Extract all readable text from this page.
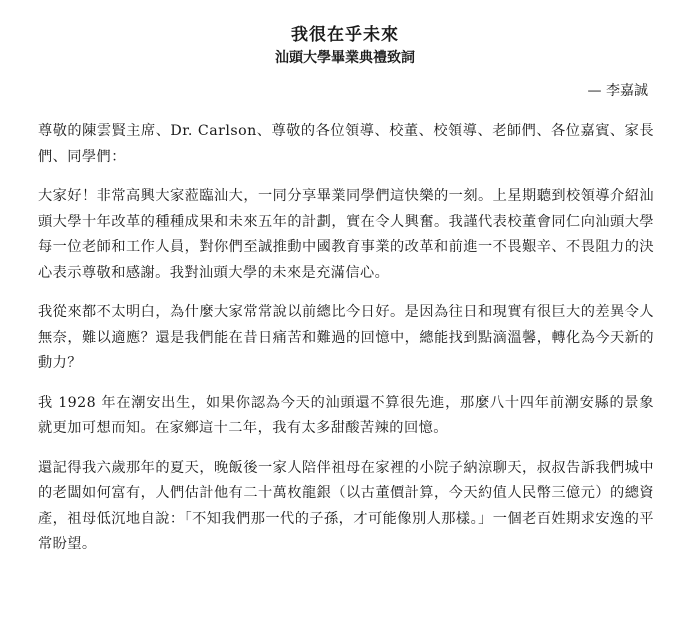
我很在乎未來
汕頭大學畢業典禮致詞
— 李嘉誠

尊敬的陳雲賢主席、Dr. Carlson、尊敬的各位領導、校董、校領導、老師們、各位嘉賓、家長們、同學們：

大家好！非常高興大家蒞臨汕大，一同分享畢業同學們這快樂的一刻。上星期聽到校領導介紹汕頭大學十年改革的種種成果和未來五年的計劃，實在令人興奮。我謹代表校董會同仁向汕頭大學每一位老師和工作人員，對你們至誠推動中國教育事業的改革和前進一不畏艱辛、不畏阻力的決心表示尊敬和感謝。我對汕頭大學的未來是充滿信心。

我從來都不太明白，為什麼大家常常說以前總比今日好。是因為往日和現實有很巨大的差異令人無奈，難以適應？還是我們能在昔日痛苦和難過的回憶中，總能找到點滴溫馨，轉化為今天新的動力？

我 1928 年在潮安出生，如果你認為今天的汕頭還不算很先進，那麼八十四年前潮安縣的景象就更加可想而知。在家鄉這十二年，我有太多甜酸苦辣的回憶。

還記得我六歲那年的夏天，晚飯後一家人陪伴祖母在家裡的小院子納涼聊天，叔叔告訴我們城中的老闆如何富有，人們估計他有二十萬枚龍銀（以古董價計算，今天約值人民幣三億元）的總資產，祖母低沉地自說：「不知我們那一代的子孫，才可能像別人那樣。」一個老百姓期求安逸的平常盼望。
